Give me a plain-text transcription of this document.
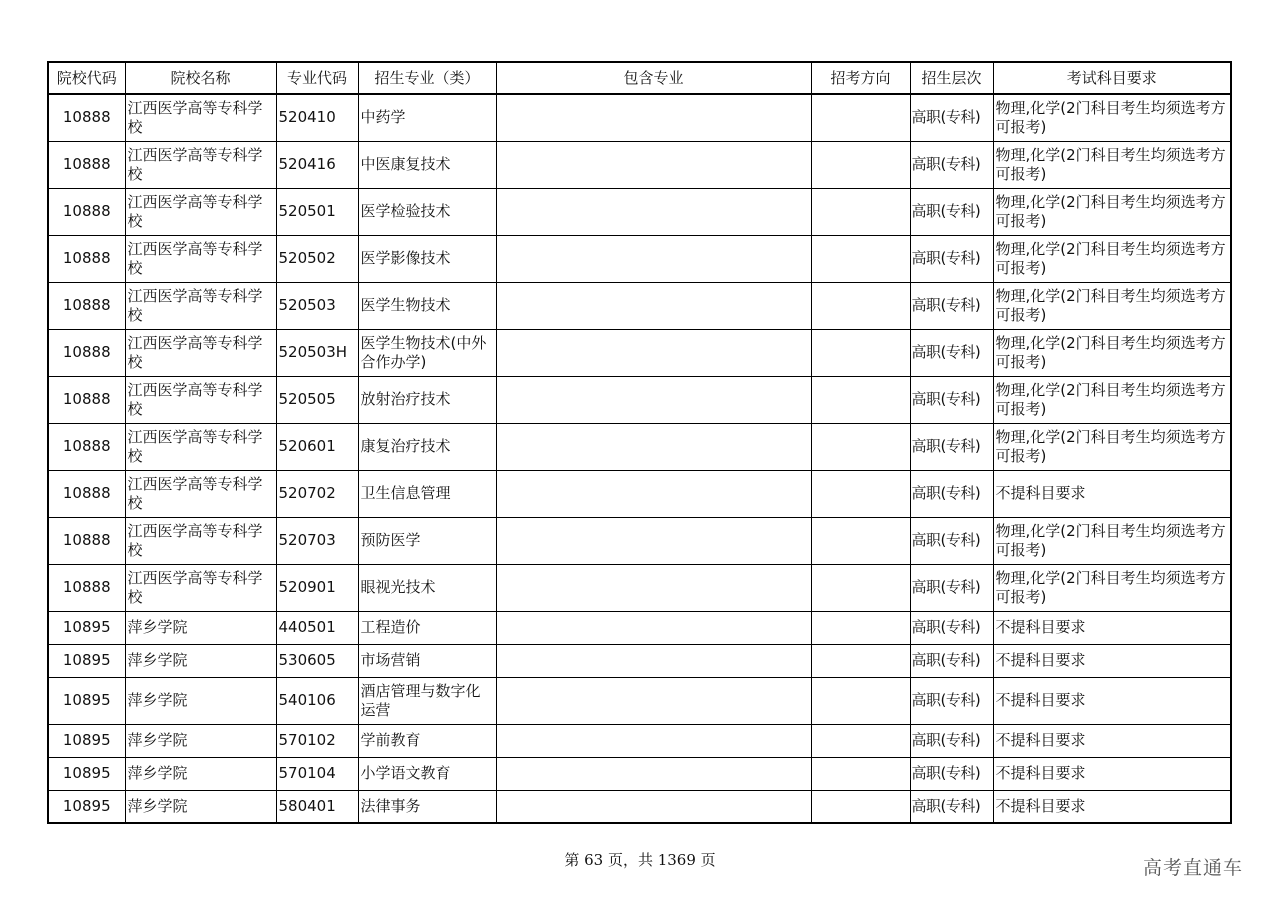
院校代码	院校名称	专业代码	招生专业（类）	包含专业	招考方向	招生层次	考试科目要求
10888	江西医学高等专科学校	520410	中药学			高职(专科)	物理,化学(2门科目考生均须选考方可报考)
10888	江西医学高等专科学校	520416	中医康复技术			高职(专科)	物理,化学(2门科目考生均须选考方可报考)
10888	江西医学高等专科学校	520501	医学检验技术			高职(专科)	物理,化学(2门科目考生均须选考方可报考)
10888	江西医学高等专科学校	520502	医学影像技术			高职(专科)	物理,化学(2门科目考生均须选考方可报考)
10888	江西医学高等专科学校	520503	医学生物技术			高职(专科)	物理,化学(2门科目考生均须选考方可报考)
10888	江西医学高等专科学校	520503H	医学生物技术(中外合作办学)			高职(专科)	物理,化学(2门科目考生均须选考方可报考)
10888	江西医学高等专科学校	520505	放射治疗技术			高职(专科)	物理,化学(2门科目考生均须选考方可报考)
10888	江西医学高等专科学校	520601	康复治疗技术			高职(专科)	物理,化学(2门科目考生均须选考方可报考)
10888	江西医学高等专科学校	520702	卫生信息管理			高职(专科)	不提科目要求
10888	江西医学高等专科学校	520703	预防医学			高职(专科)	物理,化学(2门科目考生均须选考方可报考)
10888	江西医学高等专科学校	520901	眼视光技术			高职(专科)	物理,化学(2门科目考生均须选考方可报考)
10895	萍乡学院	440501	工程造价			高职(专科)	不提科目要求
10895	萍乡学院	530605	市场营销			高职(专科)	不提科目要求
10895	萍乡学院	540106	酒店管理与数字化运营			高职(专科)	不提科目要求
10895	萍乡学院	570102	学前教育			高职(专科)	不提科目要求
10895	萍乡学院	570104	小学语文教育			高职(专科)	不提科目要求
10895	萍乡学院	580401	法律事务			高职(专科)	不提科目要求
第 63 页，共 1369 页	高考直通车
